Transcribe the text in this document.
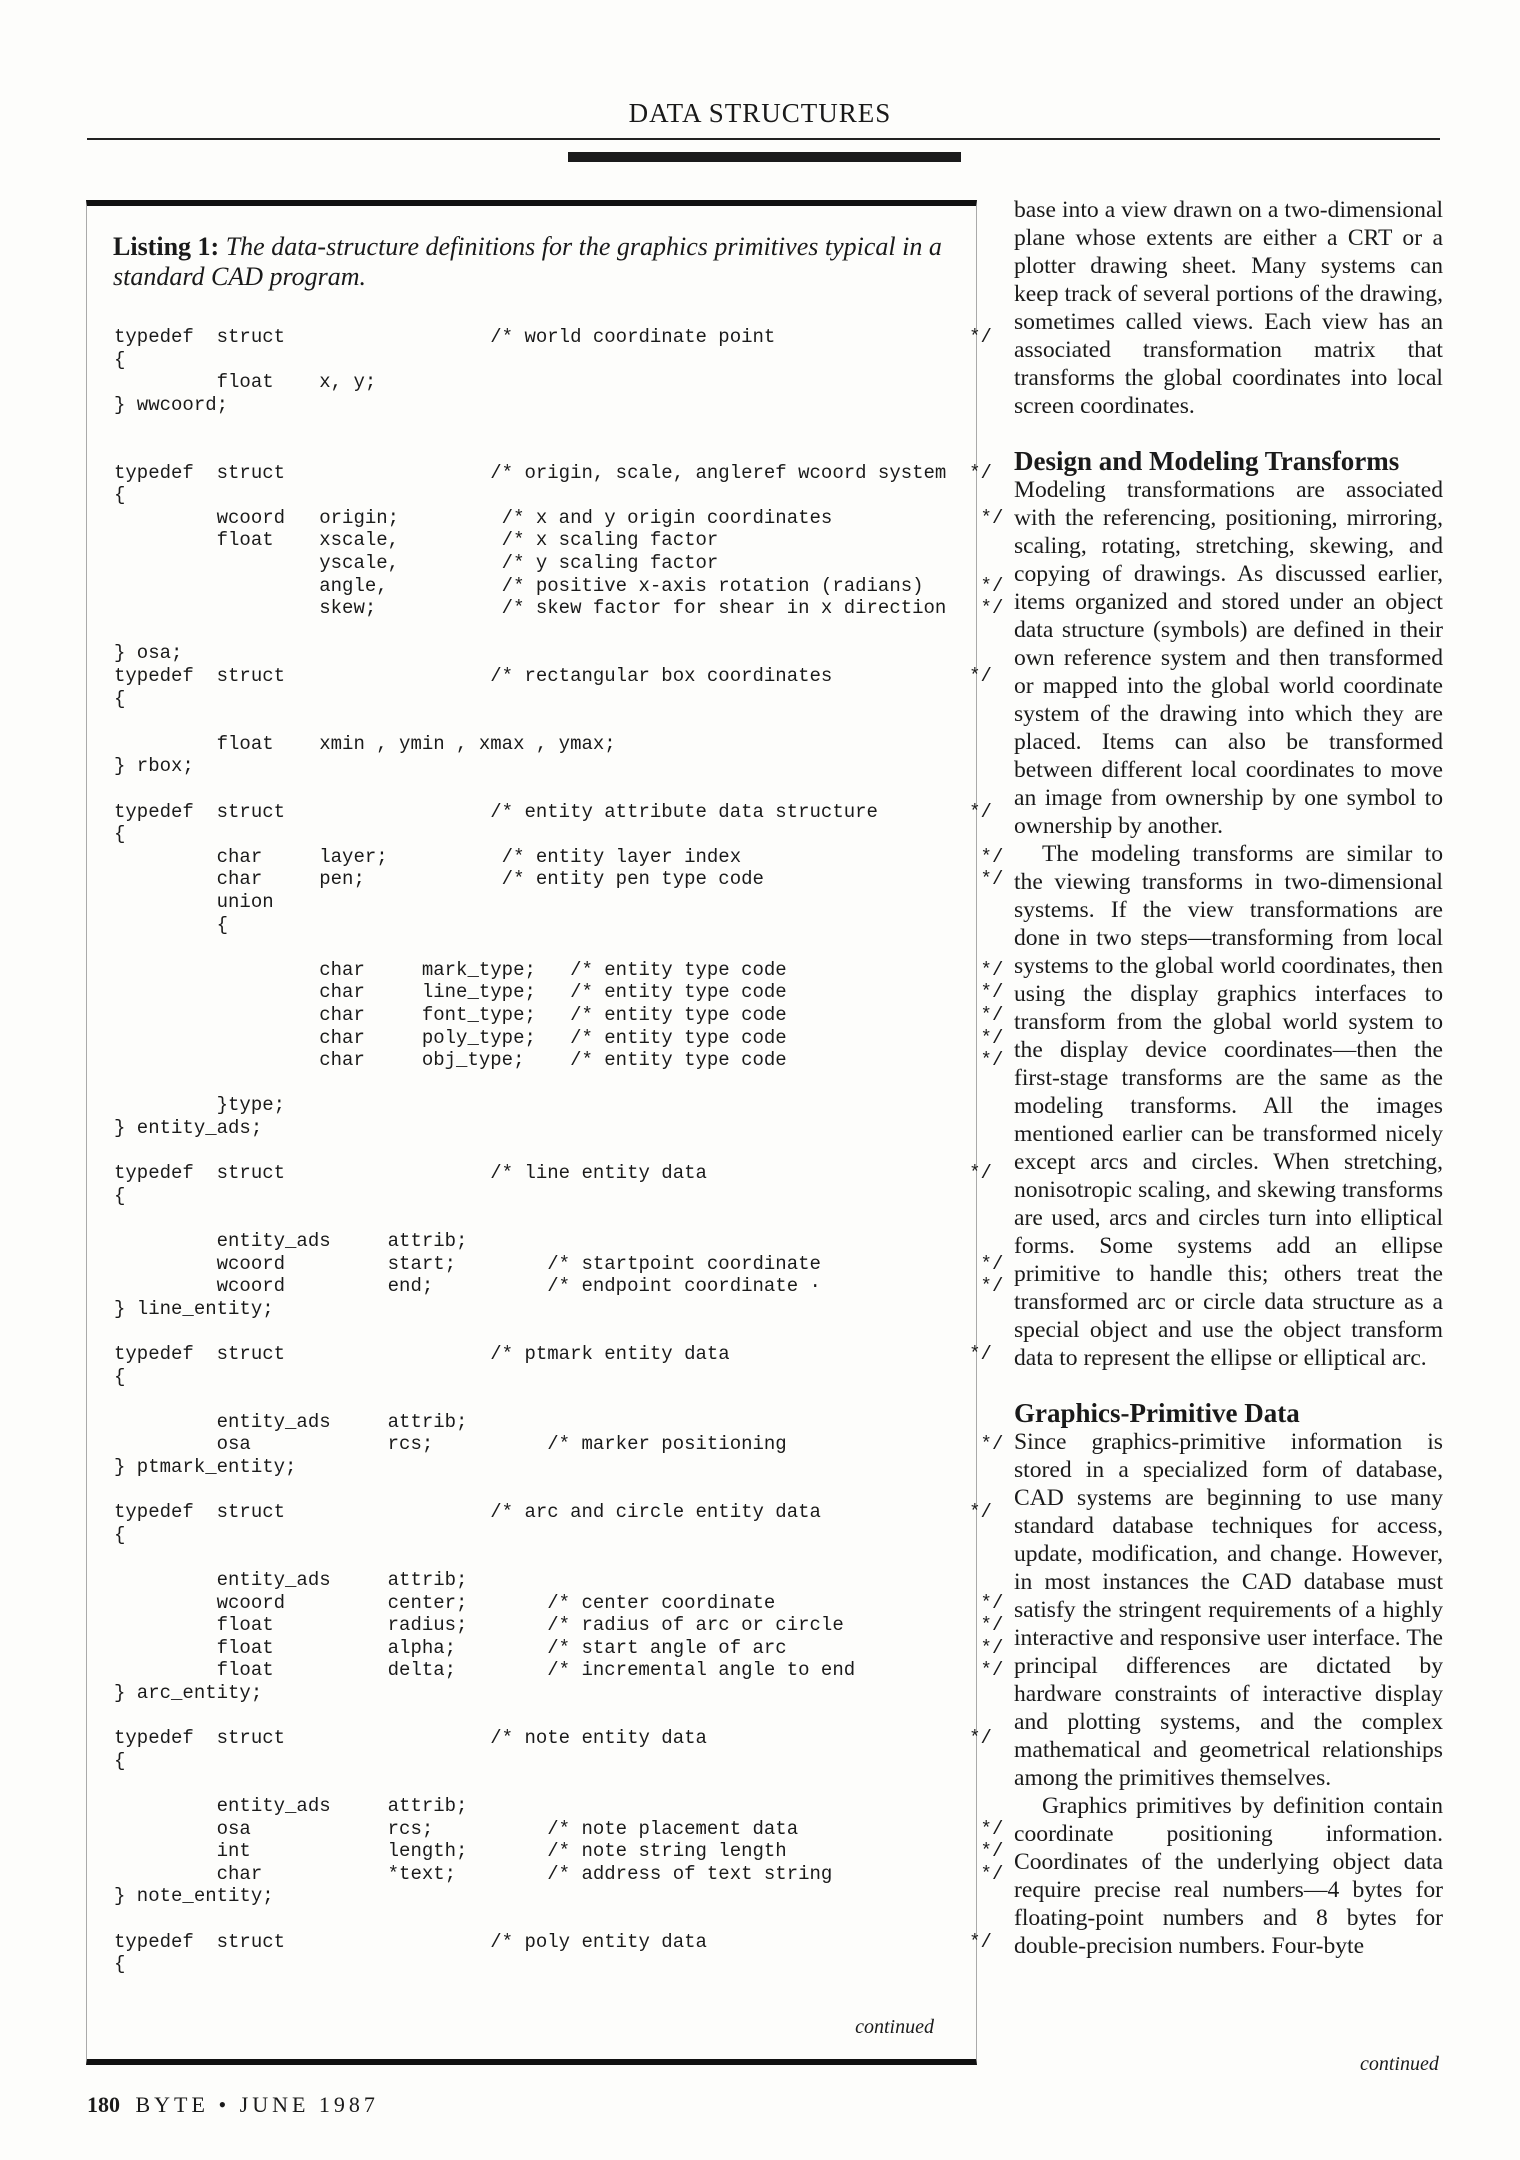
DATA STRUCTURES
Listing 1: The data-structure definitions for the graphics primitives typical in a standard CAD program.
typedef  struct                  /* world coordinate point                 */
{
float    x, y;
} wwcoord;
typedef  struct                  /* origin, scale, angleref wcoord system  */
{
wcoord   origin;         /* x and y origin coordinates             */
float    xscale,         /* x scaling factor
yscale,         /* y scaling factor
angle,          /* positive x-axis rotation (radians)     */
skew;           /* skew factor for shear in x direction   */
} osa;
typedef  struct                  /* rectangular box coordinates            */
{
float    xmin , ymin , xmax , ymax;
} rbox;
typedef  struct                  /* entity attribute data structure        */
{
char     layer;          /* entity layer index                     */
char     pen;            /* entity pen type code                   */
union
{
char     mark_type;   /* entity type code                 */
char     line_type;   /* entity type code                 */
char     font_type;   /* entity type code                 */
char     poly_type;   /* entity type code                 */
char     obj_type;    /* entity type code                 */
}type;
} entity_ads;
typedef  struct                  /* line entity data                       */
{
entity_ads     attrib;
wcoord         start;        /* startpoint coordinate              */
wcoord         end;          /* endpoint coordinate ·              */
} line_entity;
typedef  struct                  /* ptmark entity data                     */
{
entity_ads     attrib;
osa            rcs;          /* marker positioning                 */
} ptmark_entity;
typedef  struct                  /* arc and circle entity data             */
{
entity_ads     attrib;
wcoord         center;       /* center coordinate                  */
float          radius;       /* radius of arc or circle            */
float          alpha;        /* start angle of arc                 */
float          delta;        /* incremental angle to end           */
} arc_entity;
typedef  struct                  /* note entity data                       */
{
entity_ads     attrib;
osa            rcs;          /* note placement data                */
int            length;       /* note string length                 */
char           *text;        /* address of text string             */
} note_entity;
typedef  struct                  /* poly entity data                       */
{
continued

base into a view drawn on a two-dimensional plane whose extents are either a CRT or a plotter drawing sheet. Many systems can keep track of several portions of the drawing, sometimes called views. Each view has an associated transformation matrix that transforms the global coordinates into local screen coordinates.

Design and Modeling Transforms

Modeling transformations are associated with the referencing, positioning, mirroring, scaling, rotating, stretching, skewing, and copying of drawings. As discussed earlier, items organized and stored under an object data structure (symbols) are defined in their own reference system and then transformed or mapped into the global world coordinate system of the drawing into which they are placed. Items can also be transformed between different local coordinates to move an image from ownership by one symbol to ownership by another.

The modeling transforms are similar to the viewing transforms in two-dimensional systems. If the view transformations are done in two steps—transforming from local systems to the global world coordinates, then using the display graphics interfaces to transform from the global world system to the display device coordinates—then the first-stage transforms are the same as the modeling transforms. All the images mentioned earlier can be transformed nicely except arcs and circles. When stretching, nonisotropic scaling, and skewing transforms are used, arcs and circles turn into elliptical forms. Some systems add an ellipse primitive to handle this; others treat the transformed arc or circle data structure as a special object and use the object transform data to represent the ellipse or elliptical arc.

Graphics-Primitive Data

Since graphics-primitive information is stored in a specialized form of database, CAD systems are beginning to use many standard database techniques for access, update, modification, and change. However, in most instances the CAD database must satisfy the stringent requirements of a highly interactive and responsive user interface. The principal differences are dictated by hardware constraints of interactive display and plotting systems, and the complex mathematical and geometrical relationships among the primitives themselves.

Graphics primitives by definition contain coordinate positioning information. Coordinates of the underlying object data require precise real numbers—4 bytes for floating-point numbers and 8 bytes for double-precision numbers. Four-byte

continued
180 BYTE • JUNE 1987
